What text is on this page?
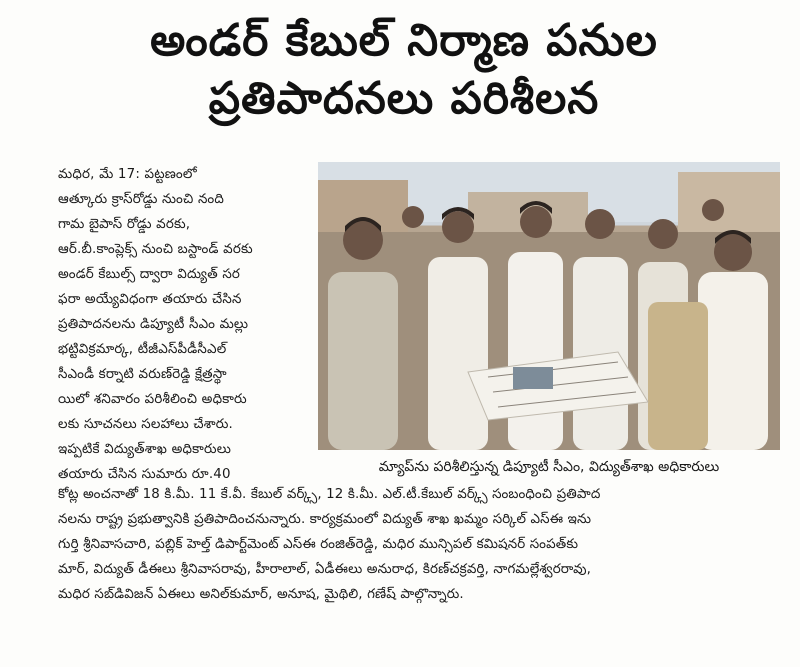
అండర్ కేబుల్ నిర్మాణ పనుల
ప్రతిపాదనలు పరిశీలన
మధిర, మే 17: పట్టణంలో
ఆత్కూరు క్రాస్‌రోడ్డు నుంచి నంది
గామ బైపాస్ రోడ్డు వరకు,
ఆర్.బీ.కాంప్లెక్స్ నుంచి బస్టాండ్ వరకు
అండర్ కేబుల్స్ ద్వారా విద్యుత్ సర
ఫరా అయ్యేవిధంగా తయారు చేసిన
ప్రతిపాదనలను డిప్యూటీ సీఎం మల్లు
భట్టివిక్రమార్క, టీజీఎస్‌పీడీసీఎల్
సీఎండీ కర్నాటి వరుణ్‌రెడ్డి క్షేత్రస్థా
యిలో శనివారం పరిశీలించి అధికారు
లకు సూచనలు సలహాలు చేశారు.
ఇప్పటికే విద్యుత్‌శాఖ అధికారులు
తయారు చేసిన సుమారు రూ.40	మ్యాప్‌ను పరిశీలిస్తున్న డిప్యూటీ సీఎం, విద్యుత్‌శాఖ అధికారులు
కోట్ల అంచనాతో 18 కి.మీ. 11 కే.వీ. కేబుల్ వర్క్స్, 12 కి.మీ. ఎల్.టీ.కేబుల్ వర్క్స్ సంబంధించి ప్రతిపాద
నలను రాష్ట్ర ప్రభుత్వానికి ప్రతిపాదించనున్నారు. కార్యక్రమంలో విద్యుత్ శాఖ ఖమ్మం సర్కిల్ ఎస్‌ఈ ఇను
గుర్తి శ్రీనివాసచారి, పబ్లిక్ హెల్త్ డిపార్ట్‌మెంట్ ఎస్‌ఈ రంజిత్‌రెడ్డి, మధిర మున్సిపల్ కమిషనర్ సంపత్‌కు
మార్, విద్యుత్ డీఈలు శ్రీనివాసరావు, హీరాలాల్, ఏడీఈలు అనురాధ, కిరణ్‌చక్రవర్తి, నాగమల్లేశ్వరరావు,
మధిర సబ్‌డివిజన్ ఏఈలు అనిల్‌కుమార్, అనూష, మైథిలి, గణేష్ పాల్గొన్నారు.
